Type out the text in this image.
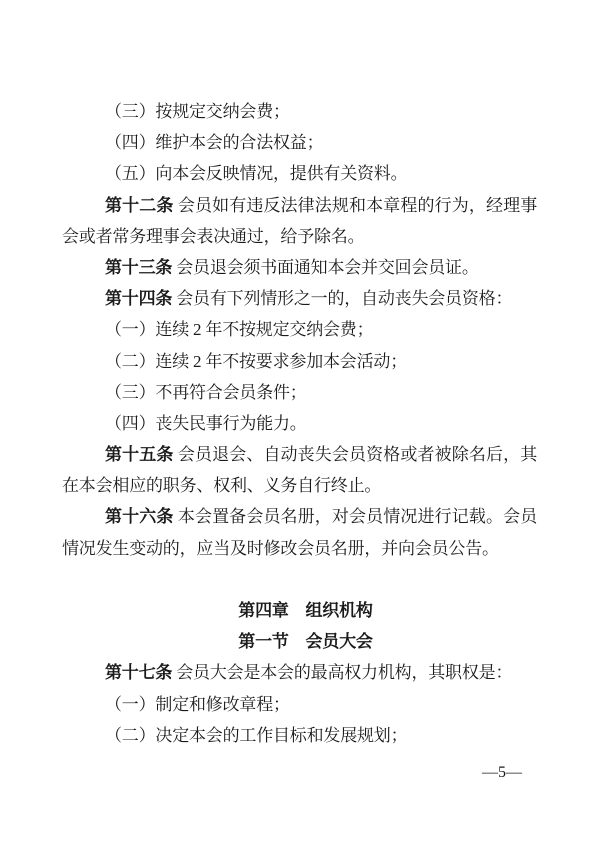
（三）按规定交纳会费；
（四）维护本会的合法权益；
（五）向本会反映情况，提供有关资料。
第十二条 会员如有违反法律法规和本章程的行为，经理事
会或者常务理事会表决通过，给予除名。
第十三条 会员退会须书面通知本会并交回会员证。
第十四条 会员有下列情形之一的，自动丧失会员资格：
（一）连续 2 年不按规定交纳会费；
（二）连续 2 年不按要求参加本会活动；
（三）不再符合会员条件；
（四）丧失民事行为能力。
第十五条 会员退会、自动丧失会员资格或者被除名后，其
在本会相应的职务、权利、义务自行终止。
第十六条 本会置备会员名册，对会员情况进行记载。会员
情况发生变动的，应当及时修改会员名册，并向会员公告。
第四章　组织机构
第一节　会员大会
第十七条 会员大会是本会的最高权力机构，其职权是：
（一）制定和修改章程；
（二）决定本会的工作目标和发展规划；
—5—
